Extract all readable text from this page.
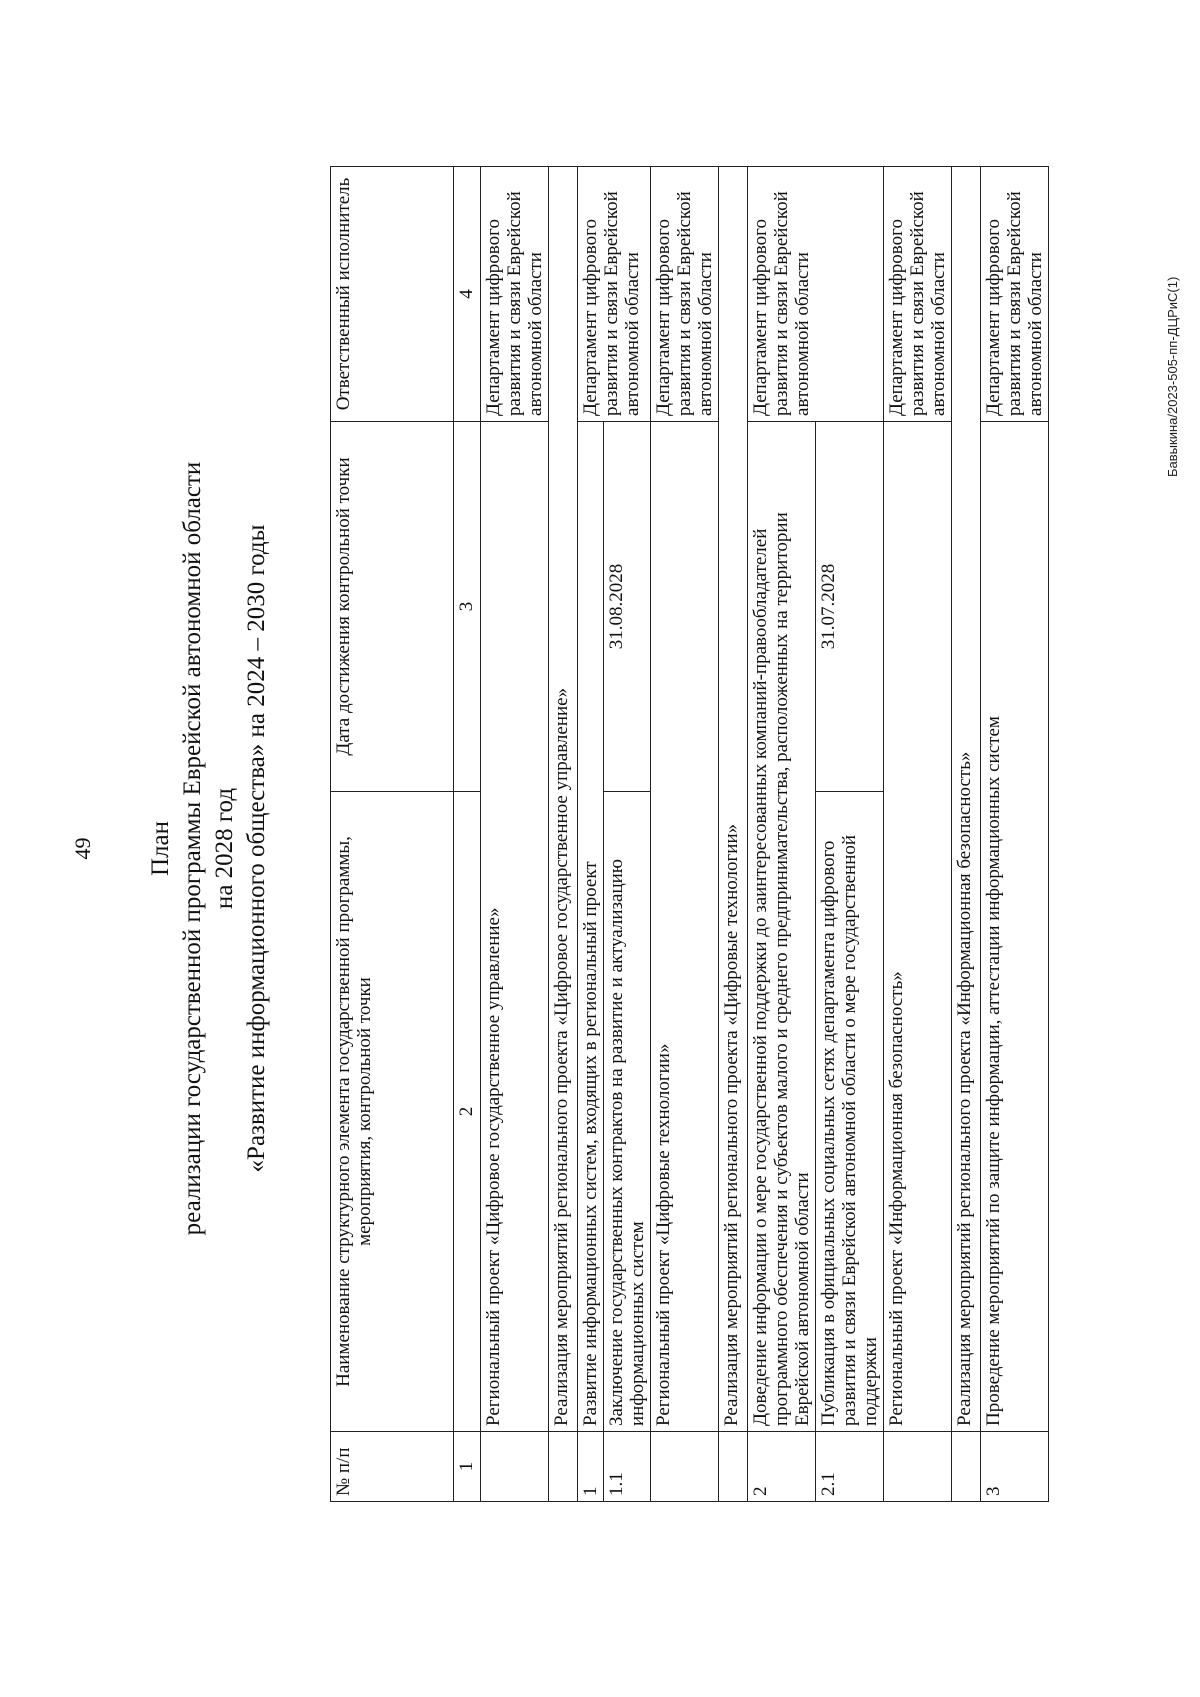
49 План реализации государственной программы Еврейской автономной области на 2028 год «Развитие информационного общества» на 2024 – 2030 годы
№ п/п	Наименование структурного элемента государственной программы, мероприятия, контрольной точки	Дата достижения контрольной точки	Ответственный исполнитель
1	2	3	4
	Региональный проект «Цифровое государственное управление»		Департамент цифрового развития и связи Еврейской автономной области
	Реализация мероприятий регионального проекта «Цифровое государственное управление»		
1	Развитие информационных систем, входящих в региональный проект		Департамент цифрового развития и связи Еврейской автономной области
1.1	Заключение государственных контрактов на развитие и актуализацию информационных систем	31.08.2028	
	Региональный проект «Цифровые технологии»		Департамент цифрового развития и связи Еврейской автономной области
	Реализация мероприятий регионального проекта «Цифровые технологии»		
2	Доведение информации о мере государственной поддержки до заинтересованных компаний-правообладателей программного обеспечения и субъектов малого и среднего предпринимательства, расположенных на территории Еврейской автономной области		Департамент цифрового развития и связи Еврейской автономной области
2.1	Публикация в официальных социальных сетях департамента цифрового развития и связи Еврейской автономной области о мере государственной поддержки	31.07.2028	
	Региональный проект «Информационная безопасность»		Департамент цифрового развития и связи Еврейской автономной области
	Реализация мероприятий регионального проекта «Информационная безопасность»		
3	Проведение мероприятий по защите информации, аттестации информационных систем		Департамент цифрового развития и связи Еврейской автономной области	Бавыкина/2023-505-пп-ДЦРиС(1)
